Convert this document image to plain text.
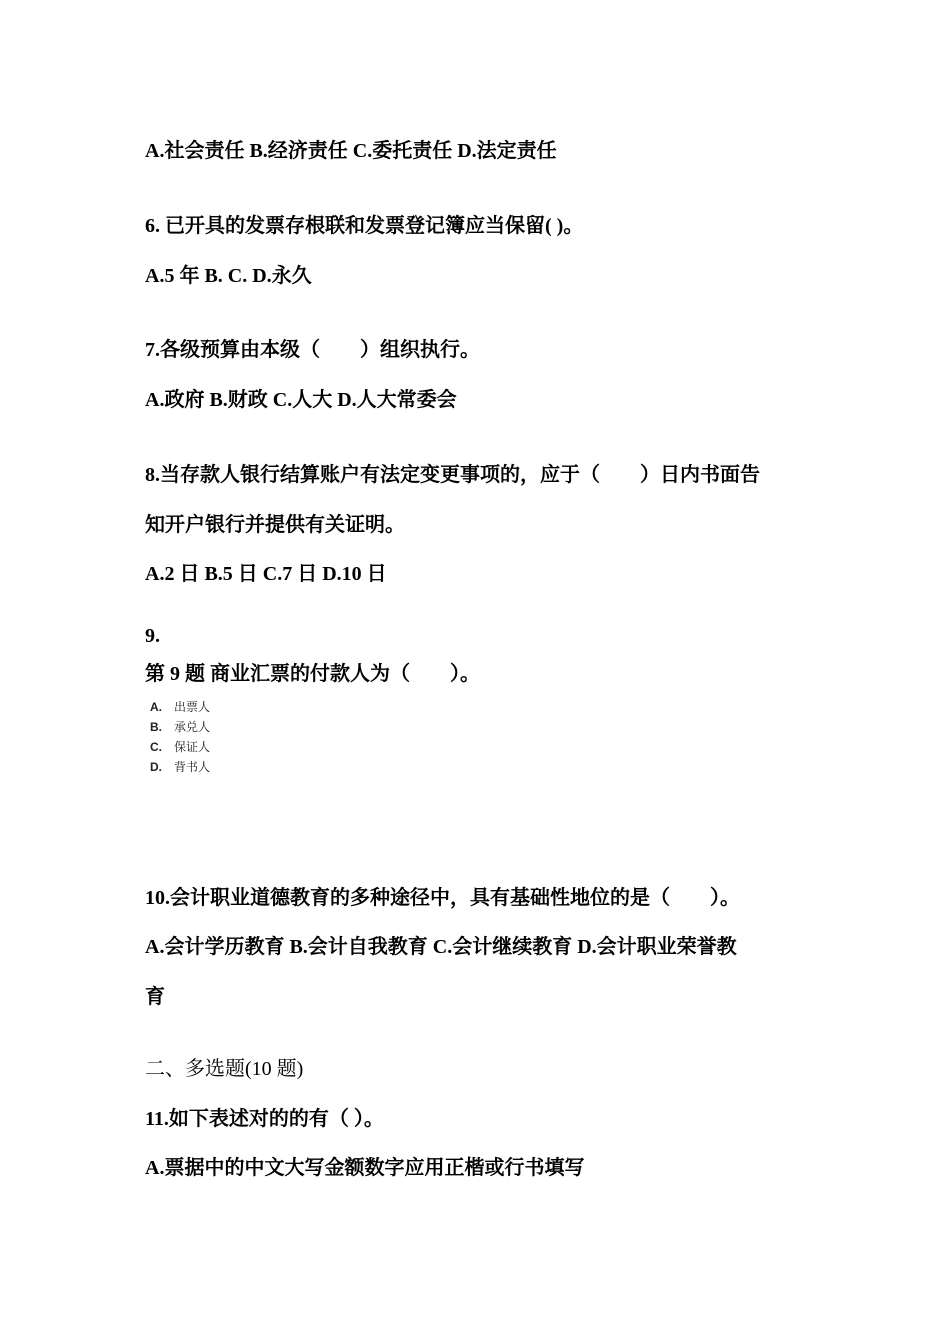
A.社会责任 B.经济责任 C.委托责任 D.法定责任
6. 已开具的发票存根联和发票登记簿应当保留( )。
A.5 年 B. C. D.永久
7.各级预算由本级（　　）组织执行。
A.政府 B.财政 C.人大 D.人大常委会
8.当存款人银行结算账户有法定变更事项的，应于（　　）日内书面告
知开户银行并提供有关证明。
A.2 日 B.5 日 C.7 日 D.10 日
9.
第 9 题 商业汇票的付款人为（　　）。
A. 出票人
B. 承兑人
C. 保证人
D. 背书人
10.会计职业道德教育的多种途径中，具有基础性地位的是（　　）。
A.会计学历教育 B.会计自我教育 C.会计继续教育 D.会计职业荣誉教
育
二、多选题(10 题)
11.如下表述对的的有（ ）。
A.票据中的中文大写金额数字应用正楷或行书填写
